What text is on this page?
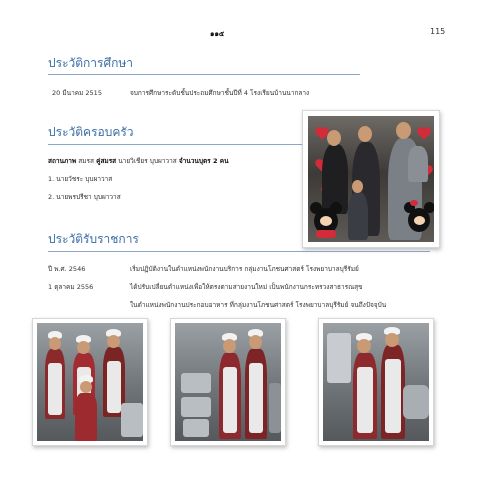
๑๑๕	115
ประวัติการศึกษา
20 มีนาคม 2515	จบการศึกษาระดับชั้นประถมศึกษาชั้นปีที่ 4 โรงเรียนบ้านนากลาง
ประวัติครอบครัว
สถานภาพ สมรส คู่สมรส นายวิเชียร บุบผาวาส จำนวนบุตร 2 คน
1. นายวัชระ บุบผาวาส
2. นายพรปรีชา บุบผาวาส
ประวัติรับราชการ
ปี พ.ศ. 2546	เริ่มปฏิบัติงานในตำแหน่งพนักงานบริการ กลุ่มงานโภชนศาสตร์ โรงพยาบาลบุรีรัมย์
1 ตุลาคม 2556	ได้ปรับเปลี่ยนตำแหน่งเพื่อให้ตรงตามสายงานใหม่ เป็นพนักงานกระทรวงสาธารณสุข
ในตำแหน่งพนักงานประกอบอาหาร ที่กลุ่มงานโภชนศาสตร์ โรงพยาบาลบุรีรัมย์ จนถึงปัจจุบัน
